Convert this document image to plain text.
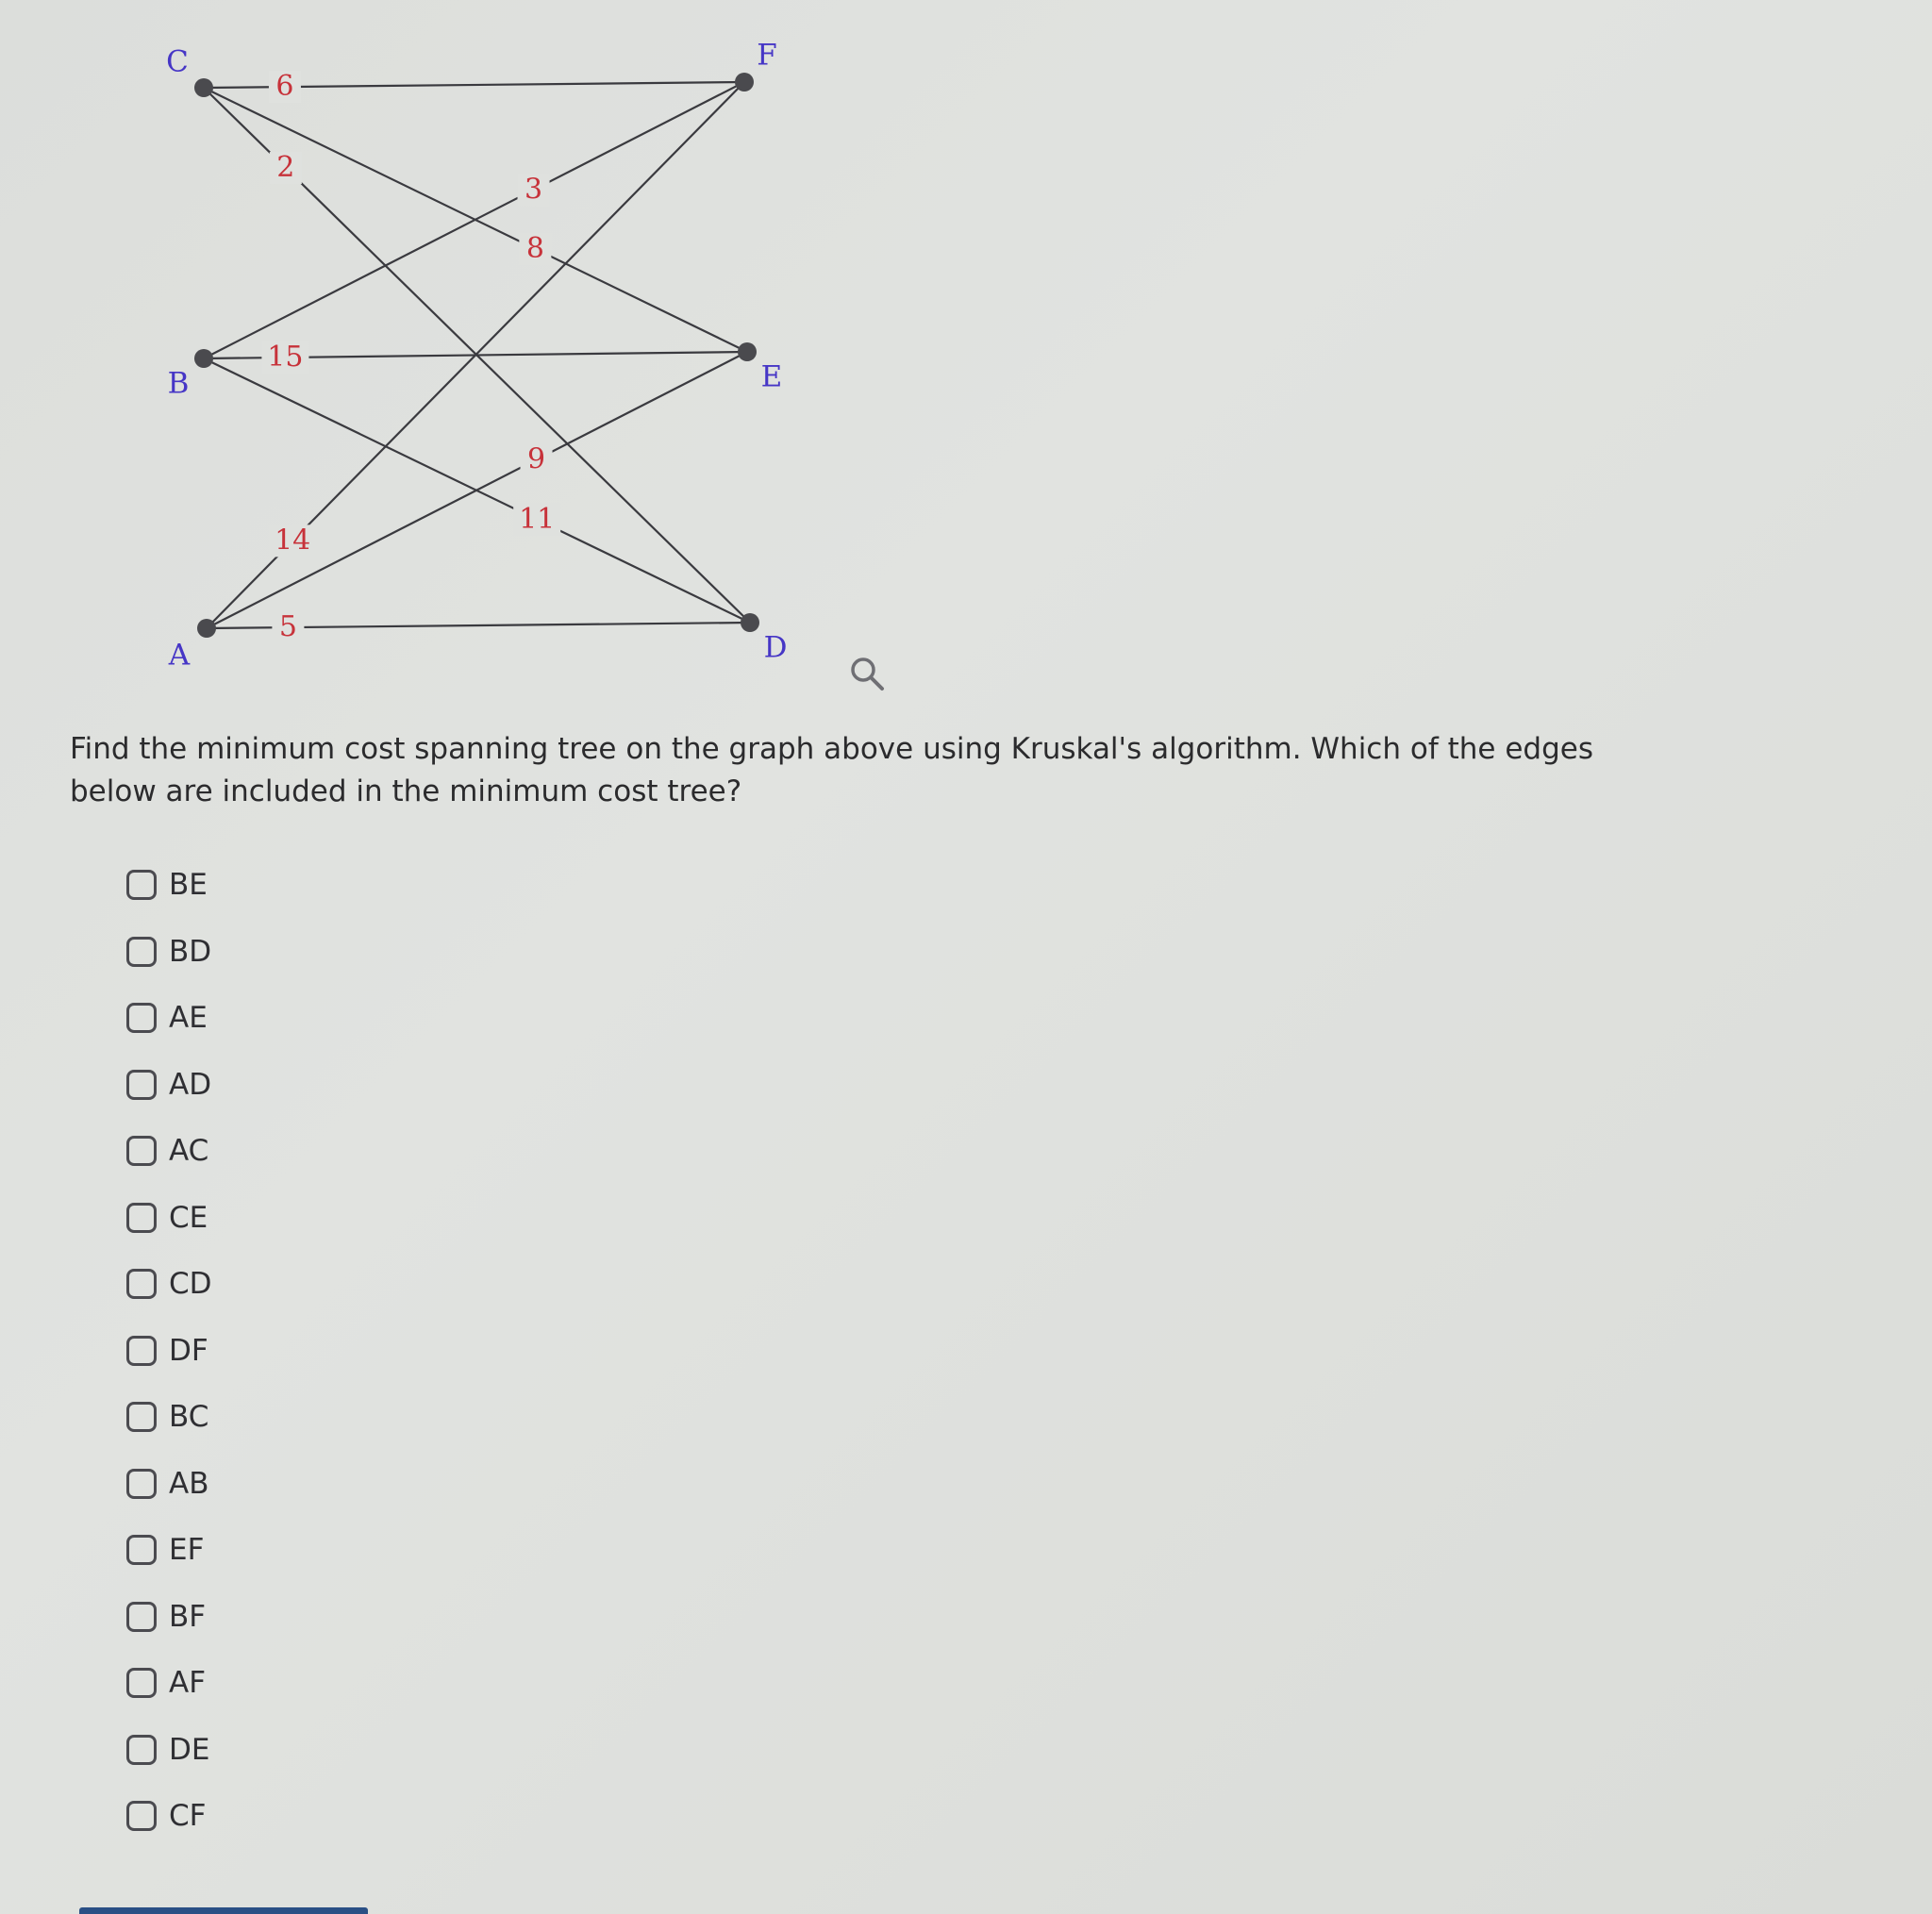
6
3
2
8
15
9
14
11
5
C	F
B	E
A	D
Find the minimum cost spanning tree on the graph above using Kruskal's algorithm. Which of the edges below are included in the minimum cost tree?
BE
BD
AE
AD
AC
CE
CD
DF
BC
AB
EF
BF
AF
DE
CF
